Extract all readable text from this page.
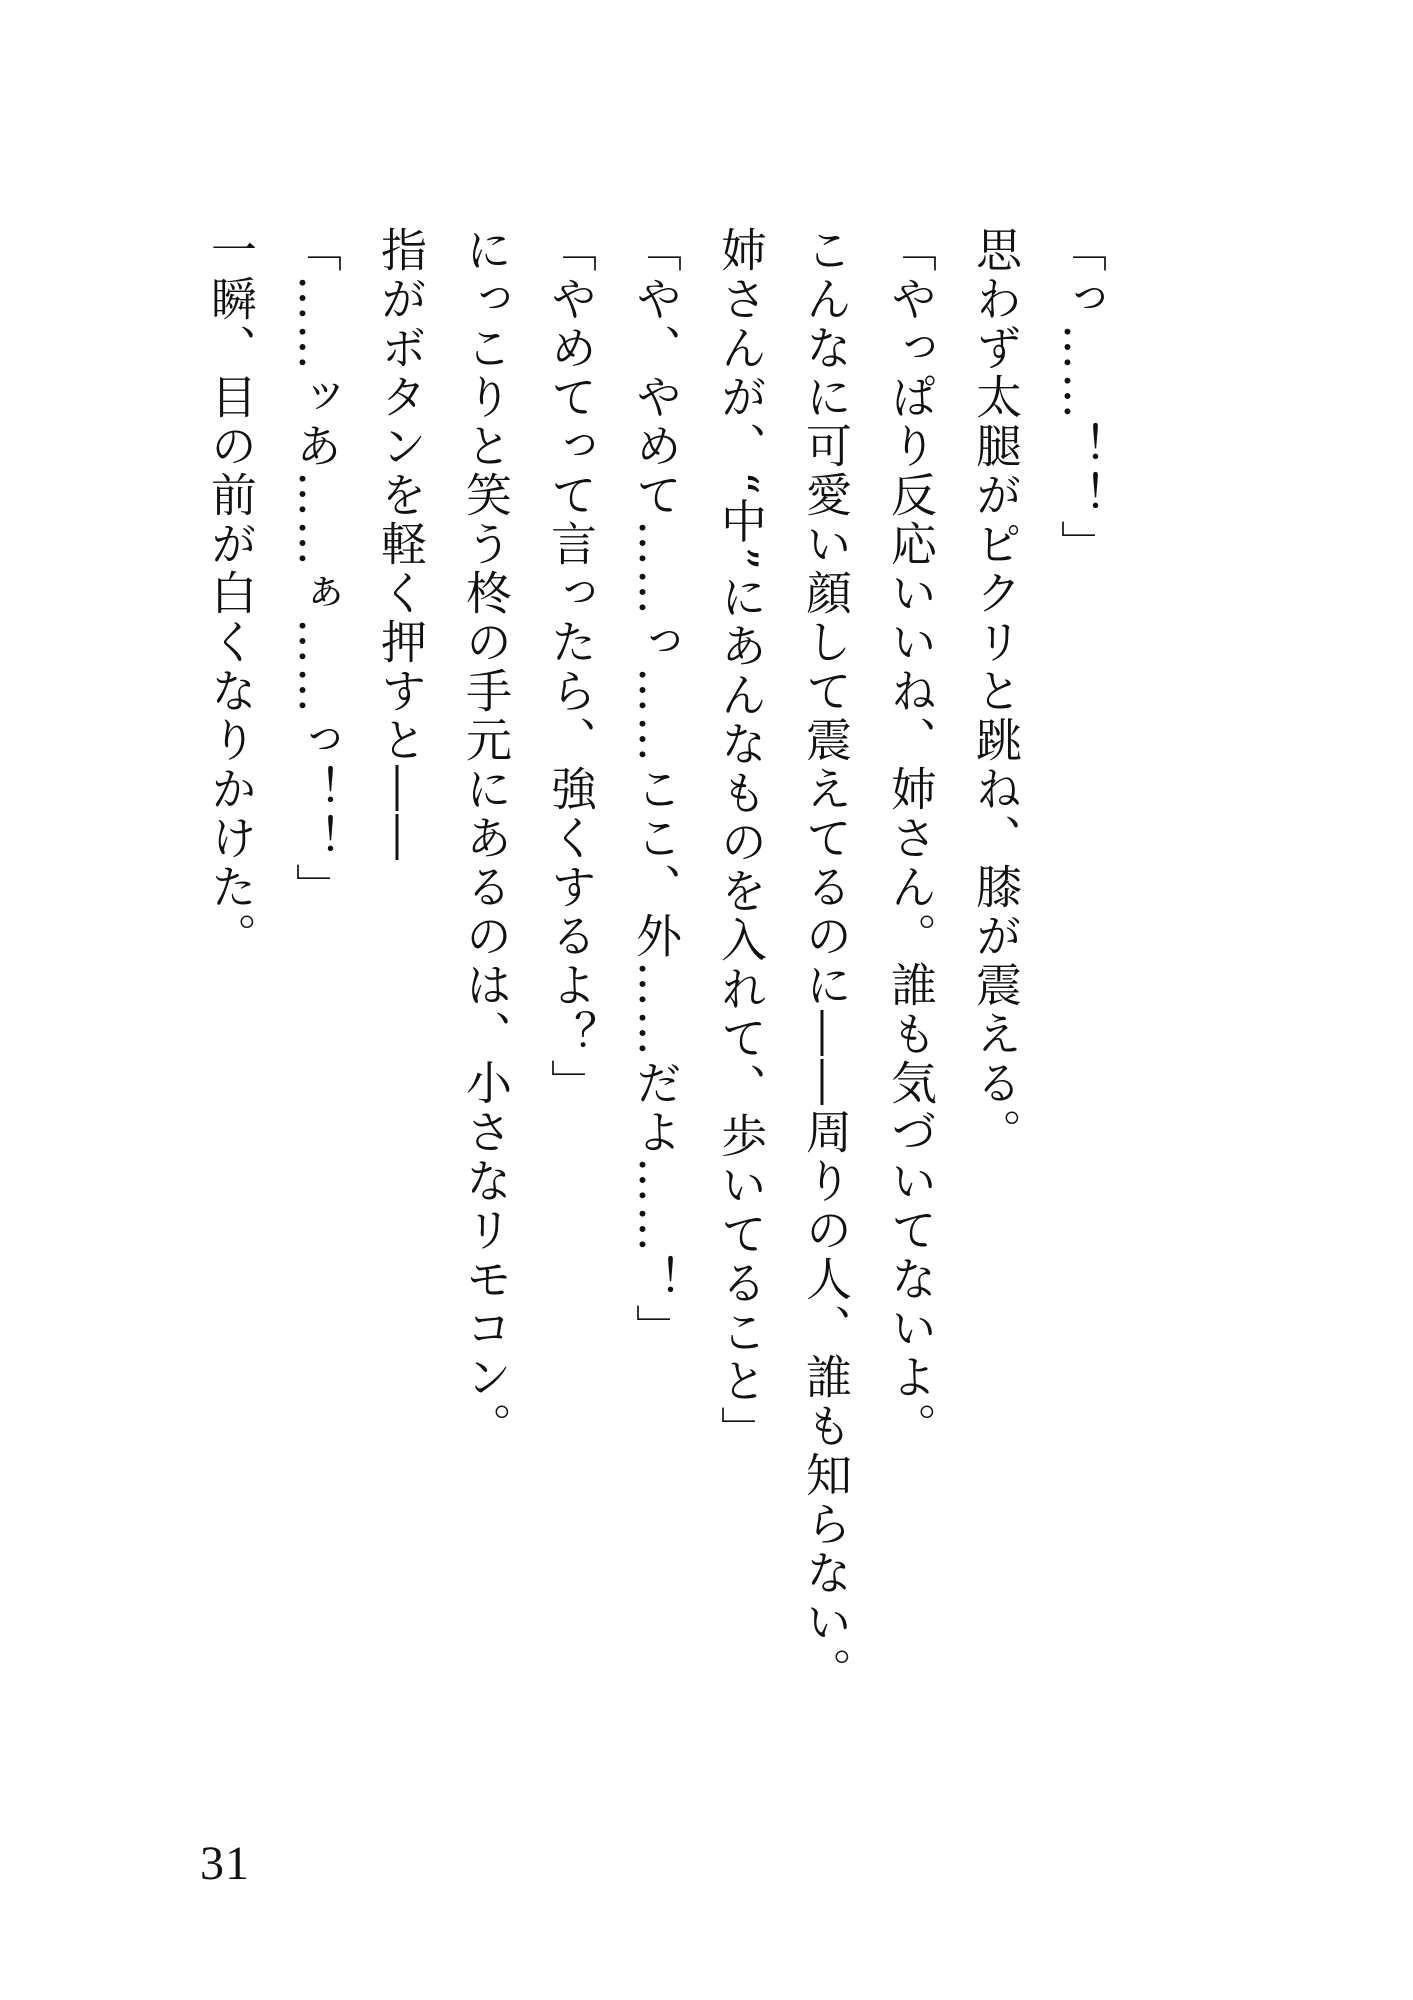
「っ……！！」
思わず太腿がピクリと跳ね、膝が震える。
「やっぱり反応いいね、姉さん。誰も気づいてないよ。
こんなに可愛い顔して震えてるのに――周りの人、誰も知らない。
姉さんが、“中”にあんなものを入れて、歩いてること」
「や、やめて……っ……ここ、外……だよ……！」
「やめてって言ったら、強くするよ？」
にっこりと笑う柊の手元にあるのは、小さなリモコン。
指がボタンを軽く押すと――
「……ッあ……ぁ……っ！！」
一瞬、目の前が白くなりかけた。
31
